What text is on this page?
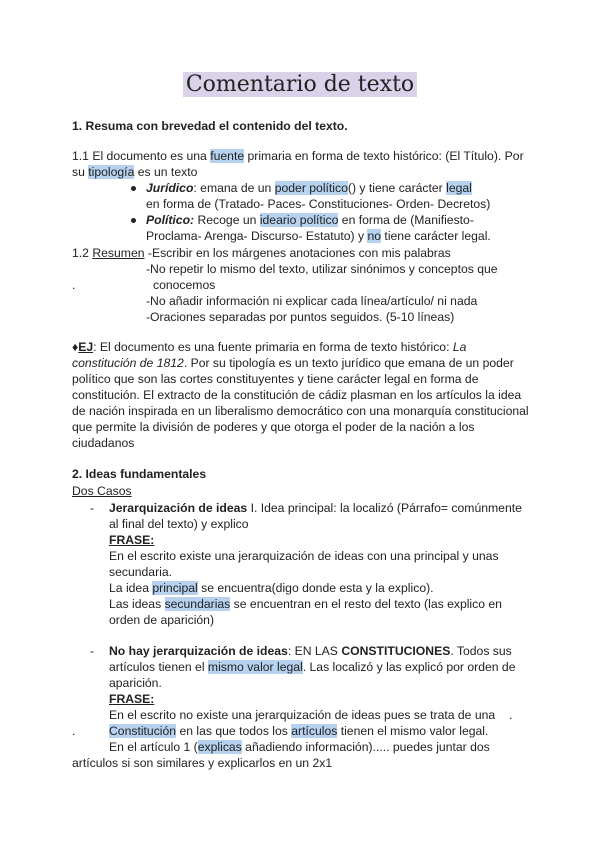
Comentario de texto
1. Resuma con brevedad el contenido del texto.
1.1 El documento es una fuente primaria en forma de texto histórico: (El Título). Por
su tipología es un texto
Jurídico: emana de un poder político() y tiene carácter legal
en forma de (Tratado- Paces- Constituciones- Orden- Decretos)
Político: Recoge un ideario político en forma de (Manifiesto-
Proclama- Arenga- Discurso- Estatuto) y no tiene carácter legal.
1.2 Resumen -Escribir en los márgenes anotaciones con mis palabras
-No repetir lo mismo del texto, utilizar sinónimos y conceptos que
.	conocemos
-No añadir información ni explicar cada línea/artículo/ ni nada
-Oraciones separadas por puntos seguidos. (5-10 líneas)
♦EJ: El documento es una fuente primaria en forma de texto histórico: La
constitución de 1812. Por su tipología es un texto jurídico que emana de un poder
político que son las cortes constituyentes y tiene carácter legal en forma de
constitución. El extracto de la constitución de cádiz plasman en los artículos la idea
de nación inspirada en un liberalismo democrático con una monarquía constitucional
que permite la división de poderes y que otorga el poder de la nación a los
ciudadanos
2. Ideas fundamentales
Dos Casos
- Jerarquización de ideas I. Idea principal: la localizó (Párrafo= comúnmente
al final del texto) y explico
FRASE:
En el escrito existe una jerarquización de ideas con una principal y unas
secundaria.
La idea principal se encuentra(digo donde esta y la explico).
Las ideas secundarias se encuentran en el resto del texto (las explico en
orden de aparición)
- No hay jerarquización de ideas: EN LAS CONSTITUCIONES. Todos sus
artículos tienen el mismo valor legal. Las localizó y las explicó por orden de
aparición.
FRASE:
En el escrito no existe una jerarquización de ideas pues se trata de una .
.	Constitución en las que todos los artículos tienen el mismo valor legal.
En el artículo 1 (explicas añadiendo información)..... puedes juntar dos
artículos si son similares y explicarlos en un 2x1
